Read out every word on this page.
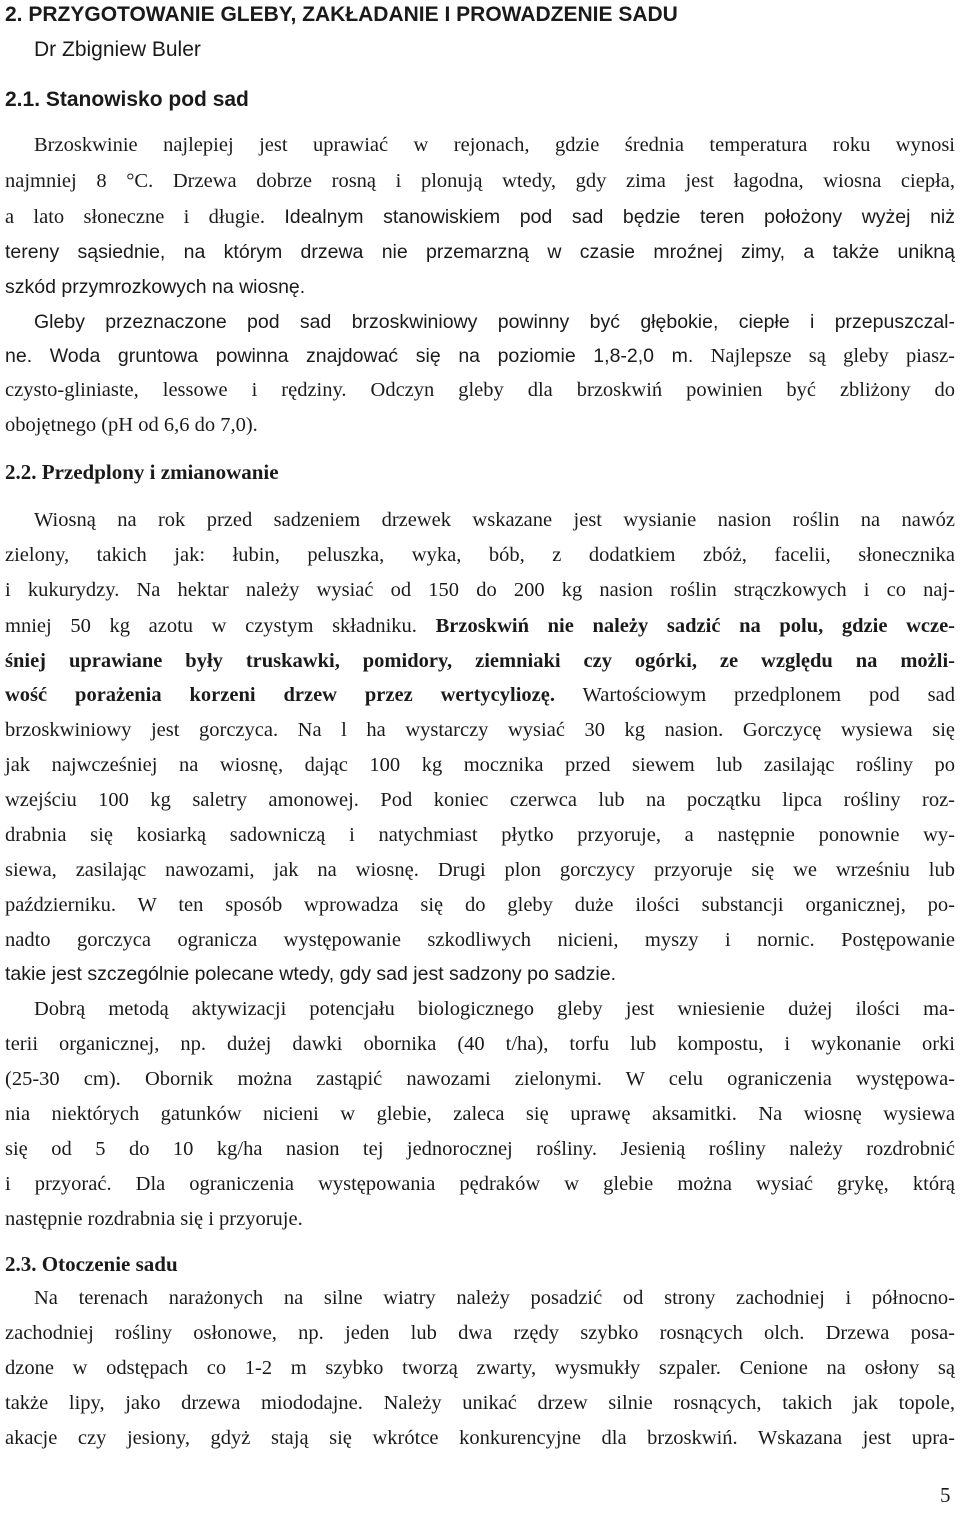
2. PRZYGOTOWANIE GLEBY, ZAKŁADANIE I PROWADZENIE SADU
Dr Zbigniew Buler
2.1. Stanowisko pod sad
Brzoskwinie najlepiej jest uprawiać w rejonach, gdzie średnia temperatura roku wynosi
najmniej 8 °C. Drzewa dobrze rosną i plonują wtedy, gdy zima jest łagodna, wiosna ciepła,
a lato słoneczne i długie. Idealnym stanowiskiem pod sad będzie teren położony wyżej niż
tereny sąsiednie, na którym drzewa nie przemarzną w czasie mroźnej zimy, a także unikną
szkód przymrozkowych na wiosnę.
Gleby przeznaczone pod sad brzoskwiniowy powinny być głębokie, ciepłe i przepuszczal-
ne. Woda gruntowa powinna znajdować się na poziomie 1,8-2,0 m. Najlepsze są gleby piasz-
czysto-gliniaste, lessowe i rędziny. Odczyn gleby dla brzoskwiń powinien być zbliżony do
obojętnego (pH od 6,6 do 7,0).
2.2. Przedplony i zmianowanie
Wiosną na rok przed sadzeniem drzewek wskazane jest wysianie nasion roślin na nawóz
zielony, takich jak: łubin, peluszka, wyka, bób, z dodatkiem zbóż, facelii, słonecznika
i kukurydzy. Na hektar należy wysiać od 150 do 200 kg nasion roślin strączkowych i co naj-
mniej 50 kg azotu w czystym składniku. Brzoskwiń nie należy sadzić na polu, gdzie wcze-
śniej uprawiane były truskawki, pomidory, ziemniaki czy ogórki, ze względu na możli-
wość porażenia korzeni drzew przez wertycyliozę. Wartościowym przedplonem pod sad
brzoskwiniowy jest gorczyca. Na l ha wystarczy wysiać 30 kg nasion. Gorczycę wysiewa się
jak najwcześniej na wiosnę, dając 100 kg mocznika przed siewem lub zasilając rośliny po
wzejściu 100 kg saletry amonowej. Pod koniec czerwca lub na początku lipca rośliny roz-
drabnia się kosiarką sadowniczą i natychmiast płytko przyoruje, a następnie ponownie wy-
siewa, zasilając nawozami, jak na wiosnę. Drugi plon gorczycy przyoruje się we wrześniu lub
październiku. W ten sposób wprowadza się do gleby duże ilości substancji organicznej, po-
nadto gorczyca ogranicza występowanie szkodliwych nicieni, myszy i nornic. Postępowanie
takie jest szczególnie polecane wtedy, gdy sad jest sadzony po sadzie.
Dobrą metodą aktywizacji potencjału biologicznego gleby jest wniesienie dużej ilości ma-
terii organicznej, np. dużej dawki obornika (40 t/ha), torfu lub kompostu, i wykonanie orki
(25-30 cm). Obornik można zastąpić nawozami zielonymi. W celu ograniczenia występowa-
nia niektórych gatunków nicieni w glebie, zaleca się uprawę aksamitki. Na wiosnę wysiewa
się od 5 do 10 kg/ha nasion tej jednorocznej rośliny. Jesienią rośliny należy rozdrobnić
i przyorać. Dla ograniczenia występowania pędraków w glebie można wysiać grykę, którą
następnie rozdrabnia się i przyoruje.
2.3. Otoczenie sadu
Na terenach narażonych na silne wiatry należy posadzić od strony zachodniej i północno-
zachodniej rośliny osłonowe, np. jeden lub dwa rzędy szybko rosnących olch. Drzewa posa-
dzone w odstępach co 1-2 m szybko tworzą zwarty, wysmukły szpaler. Cenione na osłony są
także lipy, jako drzewa miododajne. Należy unikać drzew silnie rosnących, takich jak topole,
akacje czy jesiony, gdyż stają się wkrótce konkurencyjne dla brzoskwiń. Wskazana jest upra-
5
